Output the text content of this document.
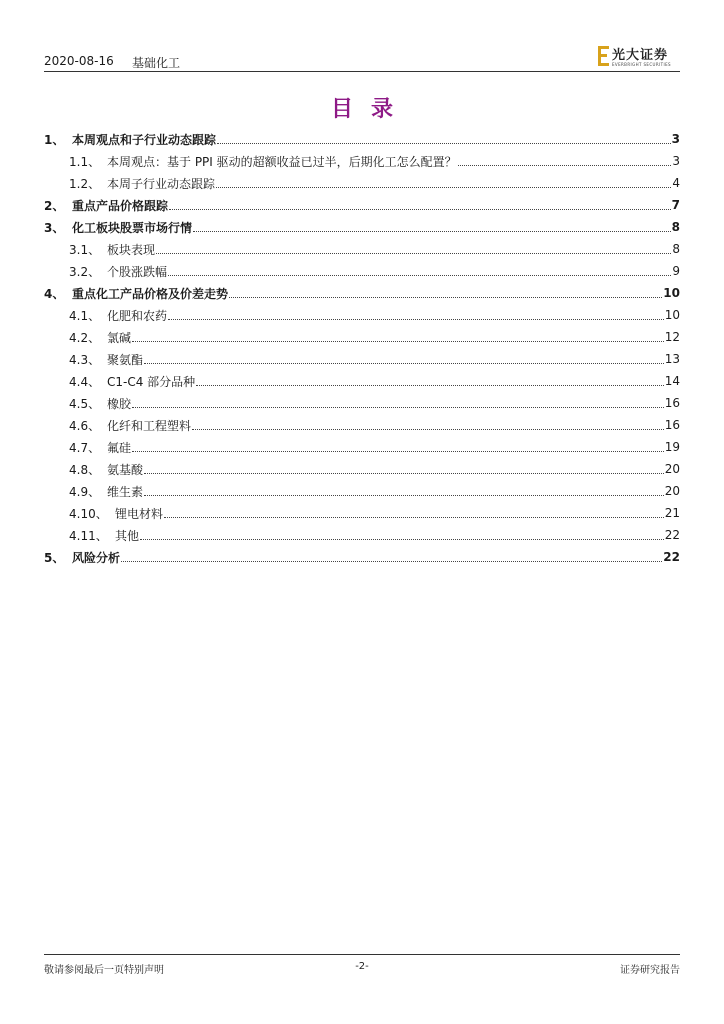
2020-08-16 基础化工	光大证券
EVERBRIGHT SECURITIES
目录
1、 本周观点和子行业动态跟踪	3
1.1、 本周观点：基于 PPI 驱动的超额收益已过半，后期化工怎么配置？	3
1.2、 本周子行业动态跟踪	4
2、 重点产品价格跟踪	7
3、 化工板块股票市场行情	8
3.1、 板块表现	8
3.2、 个股涨跌幅	9
4、 重点化工产品价格及价差走势	10
4.1、 化肥和农药	10
4.2、 氯碱	12
4.3、 聚氨酯	13
4.4、 C1-C4 部分品种	14
4.5、 橡胶	16
4.6、 化纤和工程塑料	16
4.7、 氟硅	19
4.8、 氨基酸	20
4.9、 维生素	20
4.10、 锂电材料	21
4.11、 其他	22
5、 风险分析	22
敬请参阅最后一页特别声明	-2-	证券研究报告
